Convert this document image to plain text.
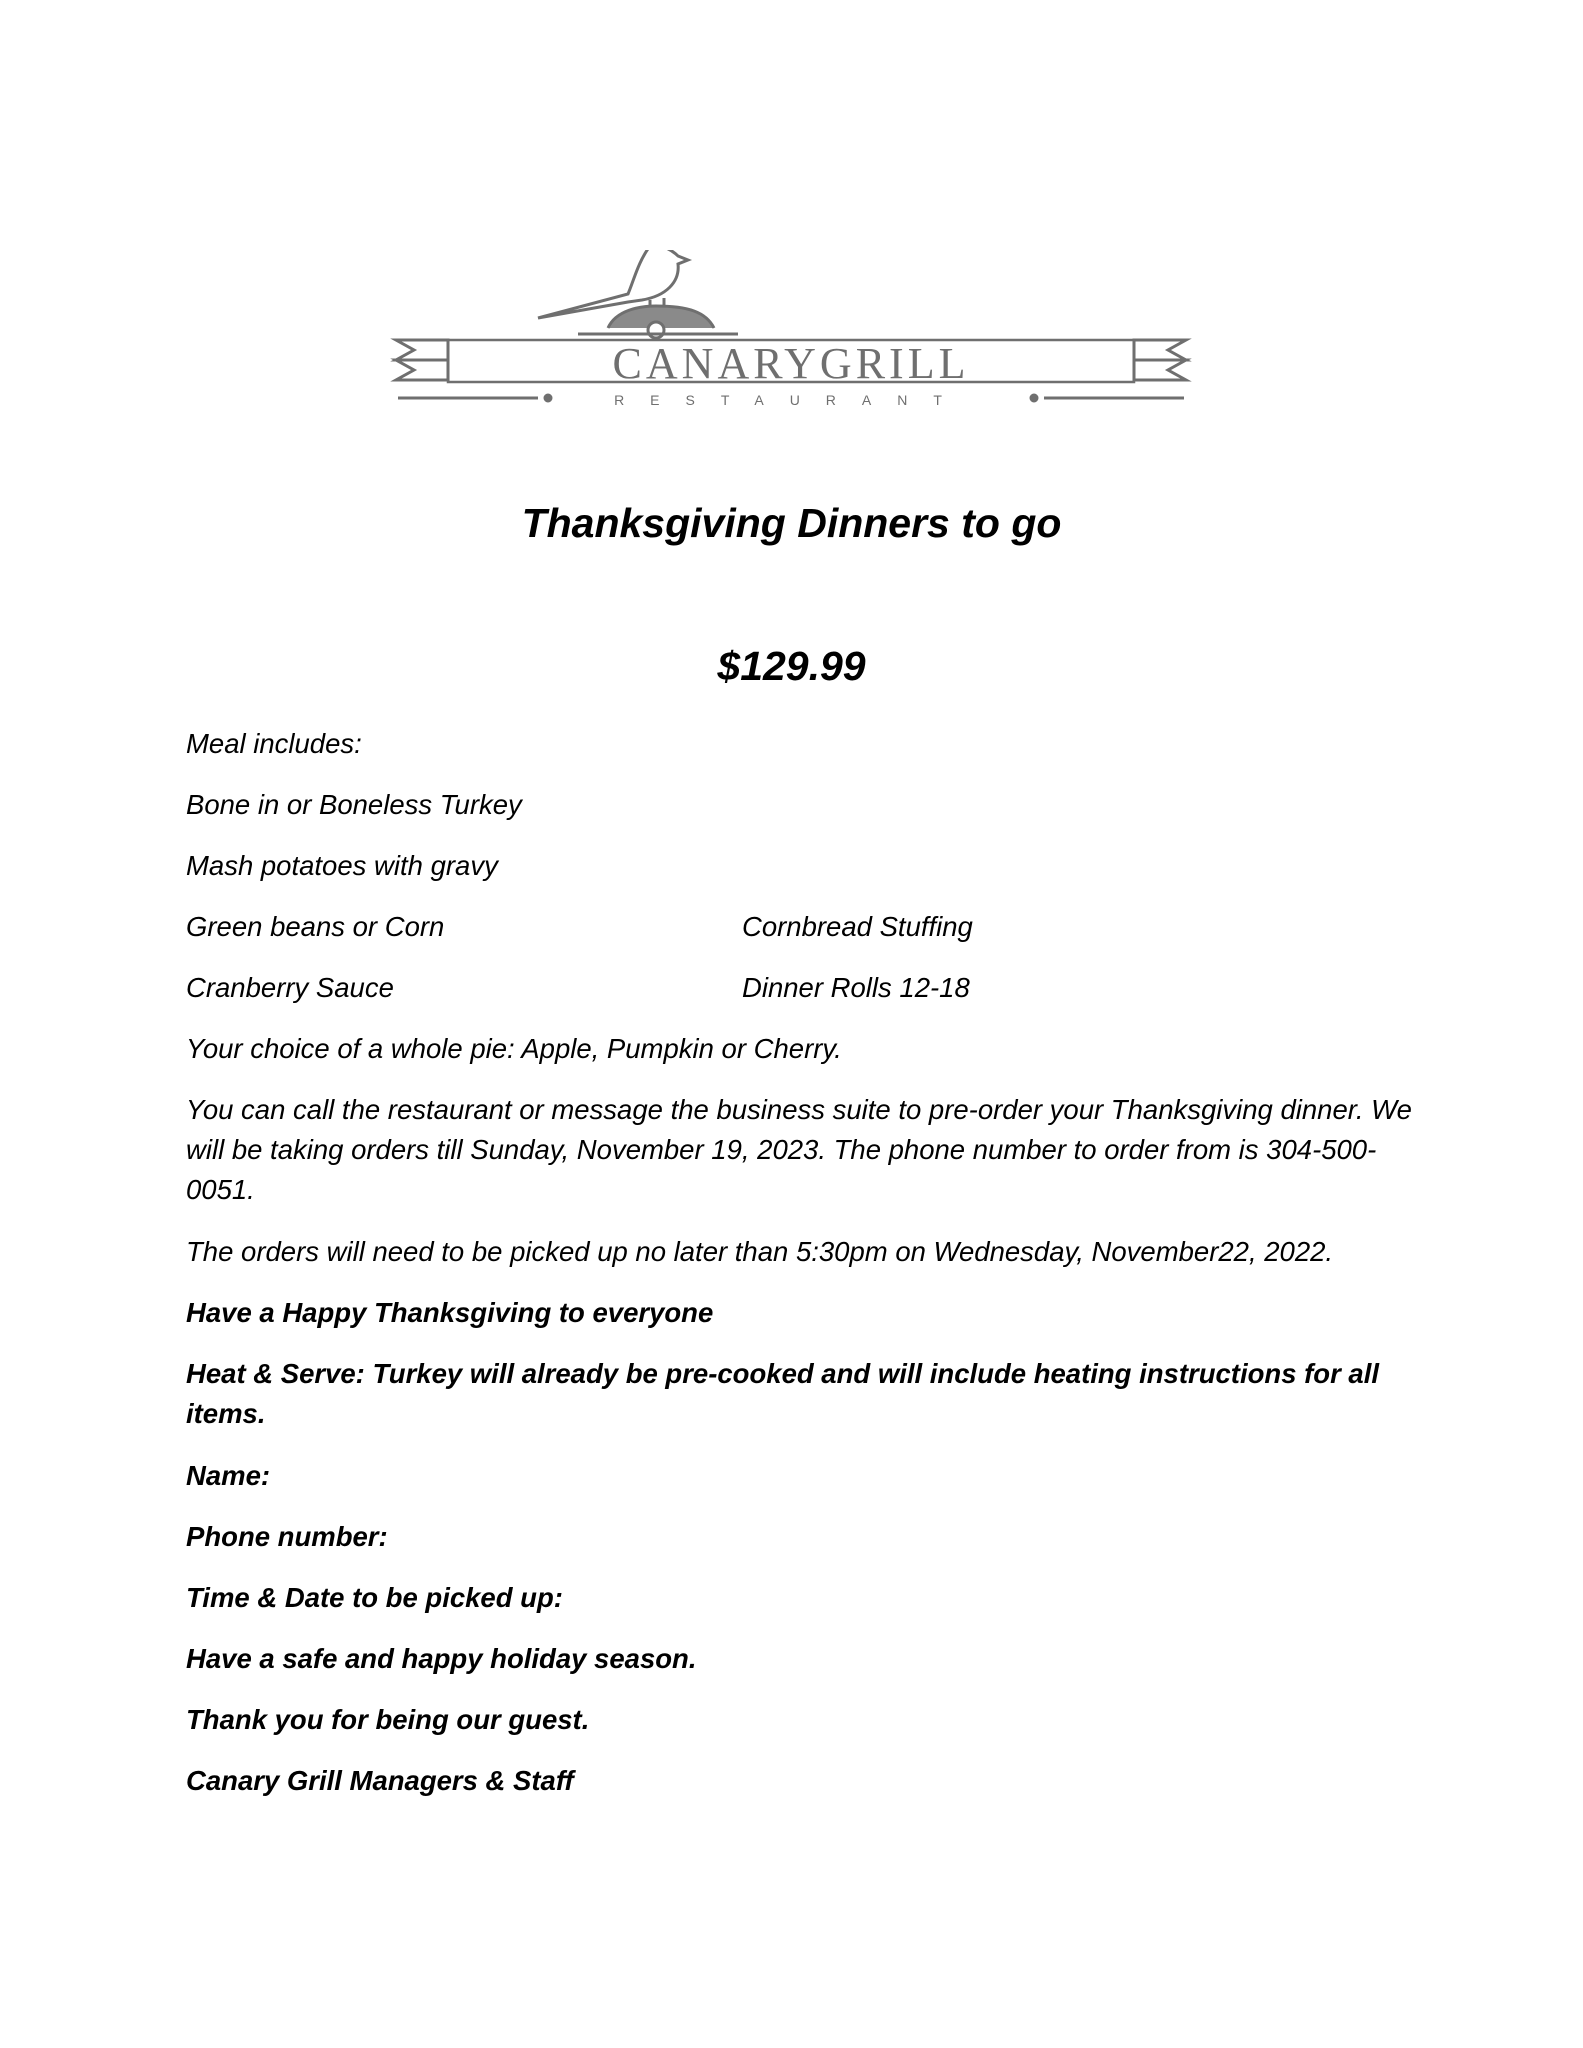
CANARYGRILL
RESTAURANT
Thanksgiving Dinners to go
$129.99

Meal includes:

Bone in or Boneless Turkey

Mash potatoes with gravy

Green beans or Corn	Cornbread Stuffing

Cranberry Sauce	Dinner Rolls 12-18

Your choice of a whole pie: Apple, Pumpkin or Cherry.

You can call the restaurant or message the business suite to pre-order your Thanksgiving dinner. We will be taking orders till Sunday, November 19, 2023. The phone number to order from is 304-500-0051.

The orders will need to be picked up no later than 5:30pm on Wednesday, November22, 2022.

Have a Happy Thanksgiving to everyone

Heat & Serve: Turkey will already be pre-cooked and will include heating instructions for all items.

Name:

Phone number:

Time & Date to be picked up:

Have a safe and happy holiday season.

Thank you for being our guest.

Canary Grill Managers & Staff
